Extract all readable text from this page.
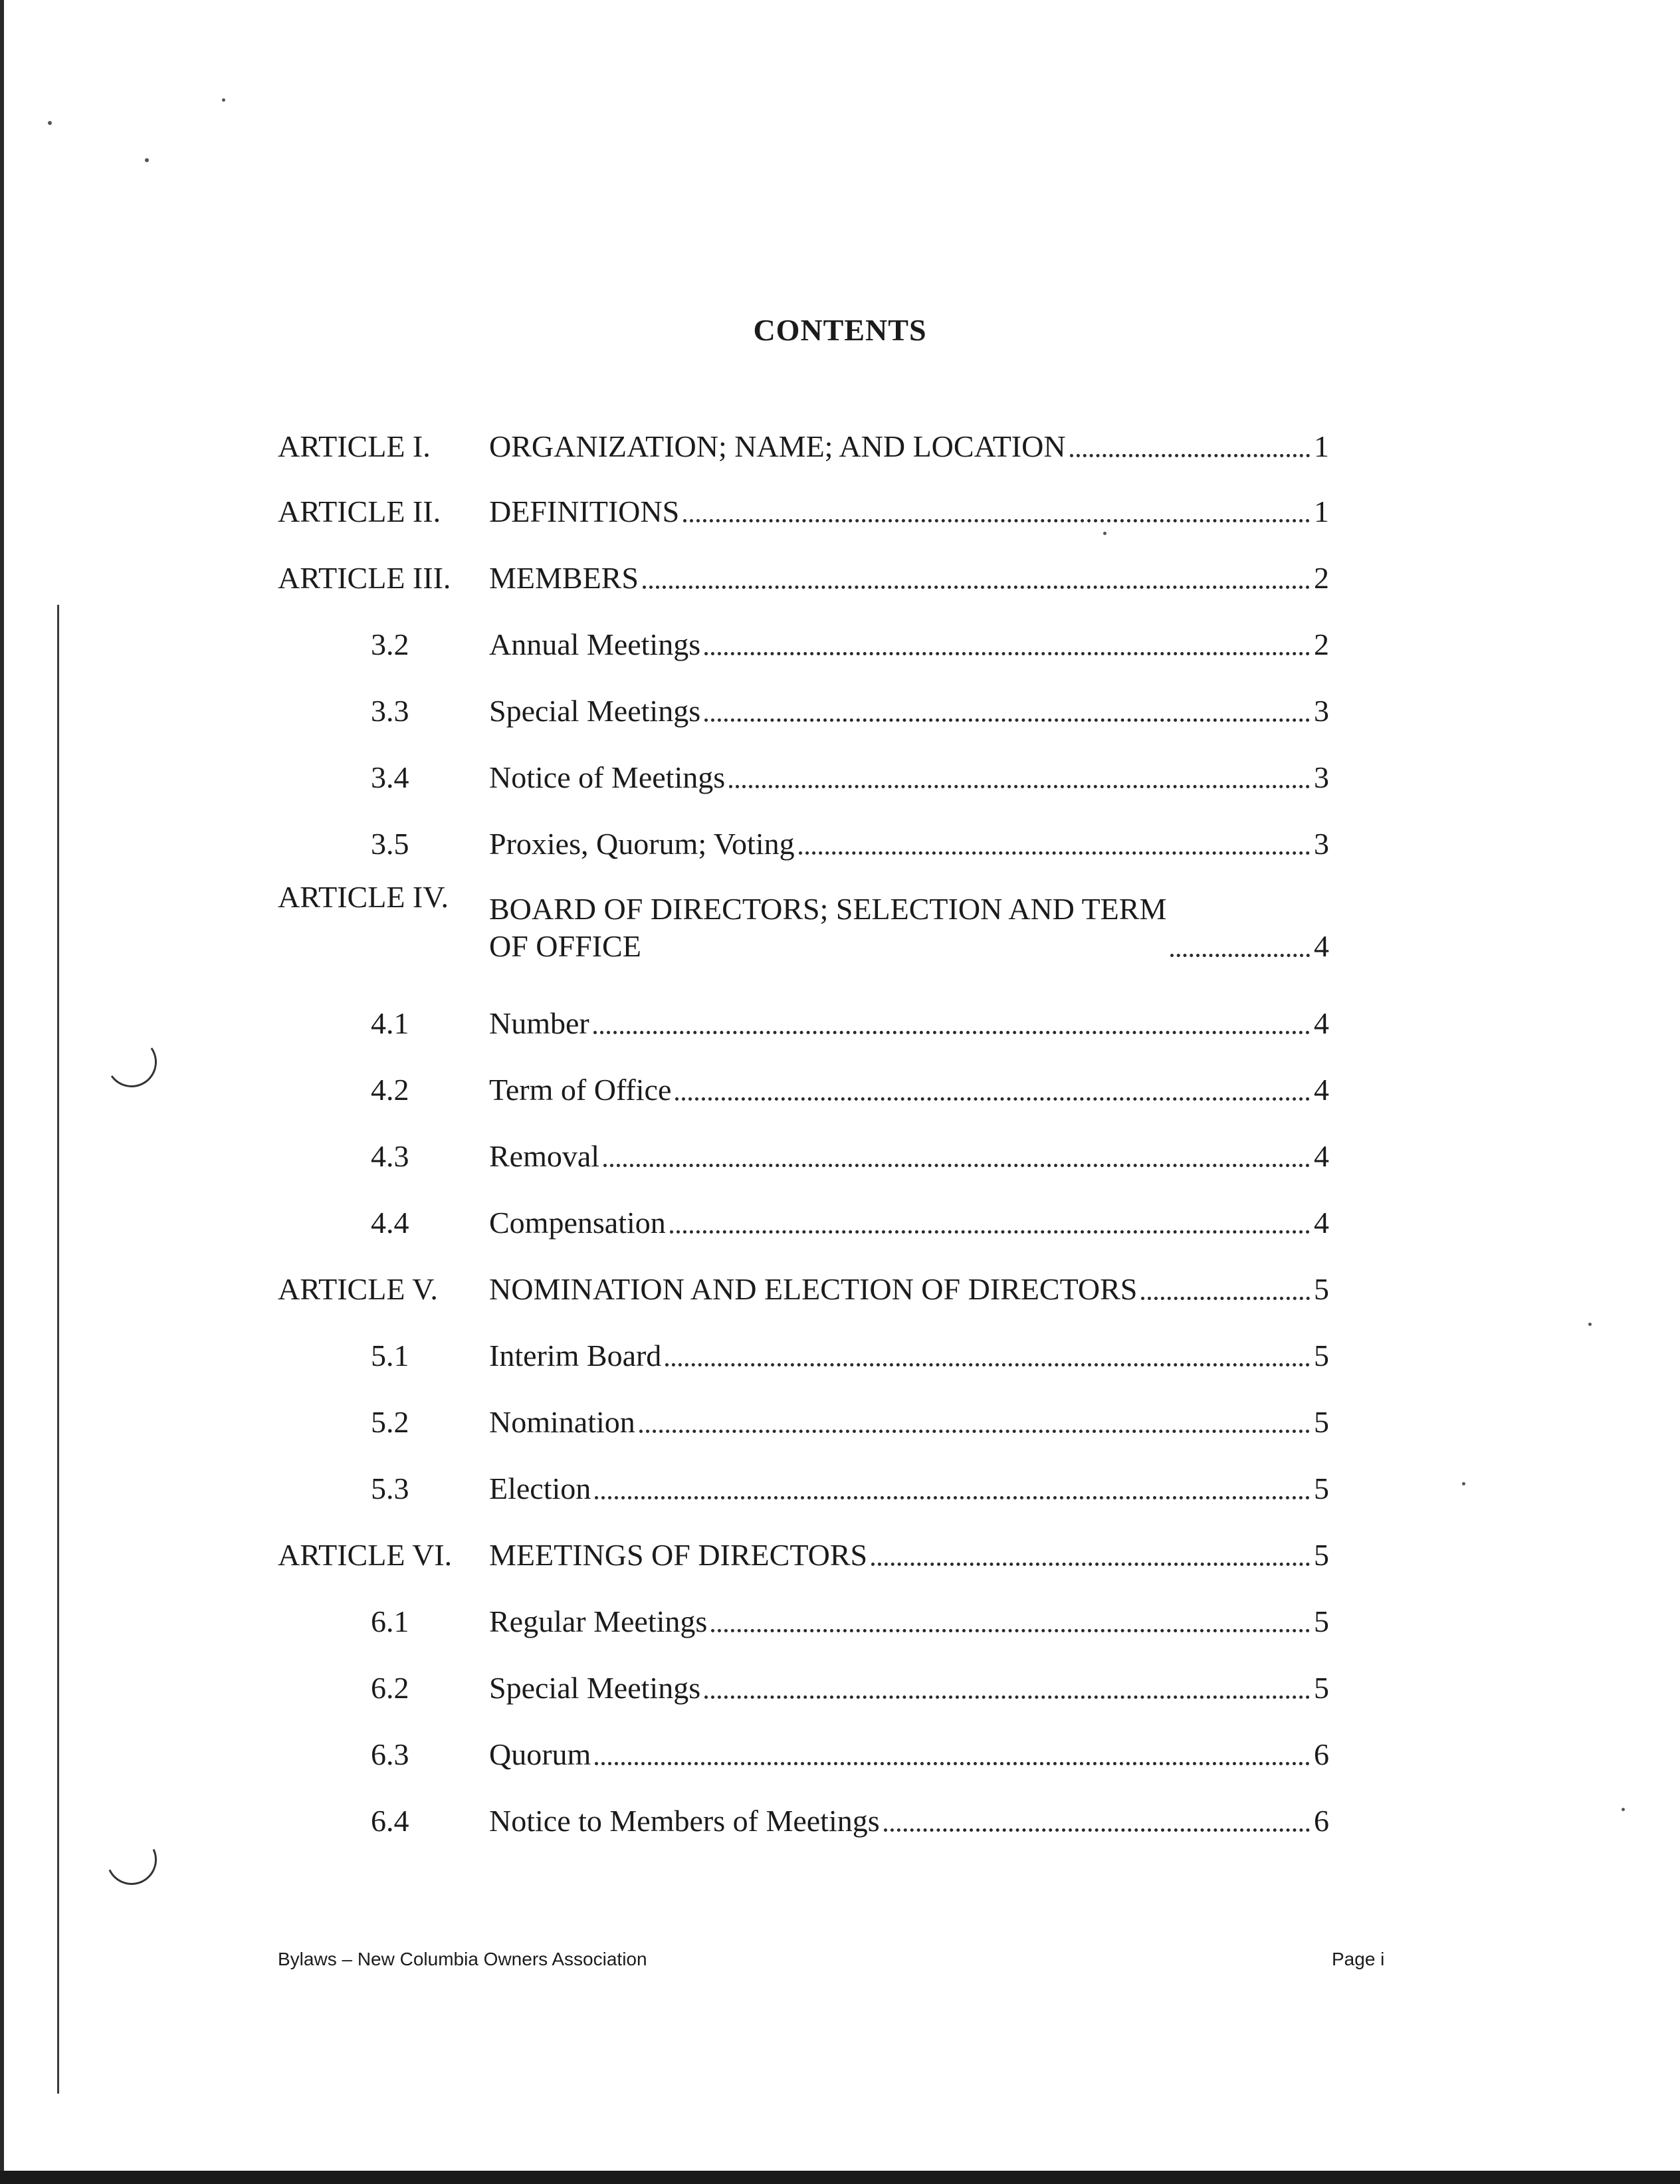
CONTENTS
ARTICLE I.	ORGANIZATION; NAME; AND LOCATION	1
ARTICLE II.	DEFINITIONS	1
ARTICLE III.	MEMBERS	2
3.2	Annual Meetings	2
3.3	Special Meetings	3
3.4	Notice of Meetings	3
3.5	Proxies, Quorum; Voting	3
ARTICLE IV.	BOARD OF DIRECTORS; SELECTION AND TERM
OF OFFICE	4
4.1	Number	4
4.2	Term of Office	4
4.3	Removal	4
4.4	Compensation	4
ARTICLE V.	NOMINATION AND ELECTION OF DIRECTORS	5
5.1	Interim Board	5
5.2	Nomination	5
5.3	Election	5
ARTICLE VI.	MEETINGS OF DIRECTORS	5
6.1	Regular Meetings	5
6.2	Special Meetings	5
6.3	Quorum	6
6.4	Notice to Members of Meetings	6
Bylaws – New Columbia Owners Association	Page i
